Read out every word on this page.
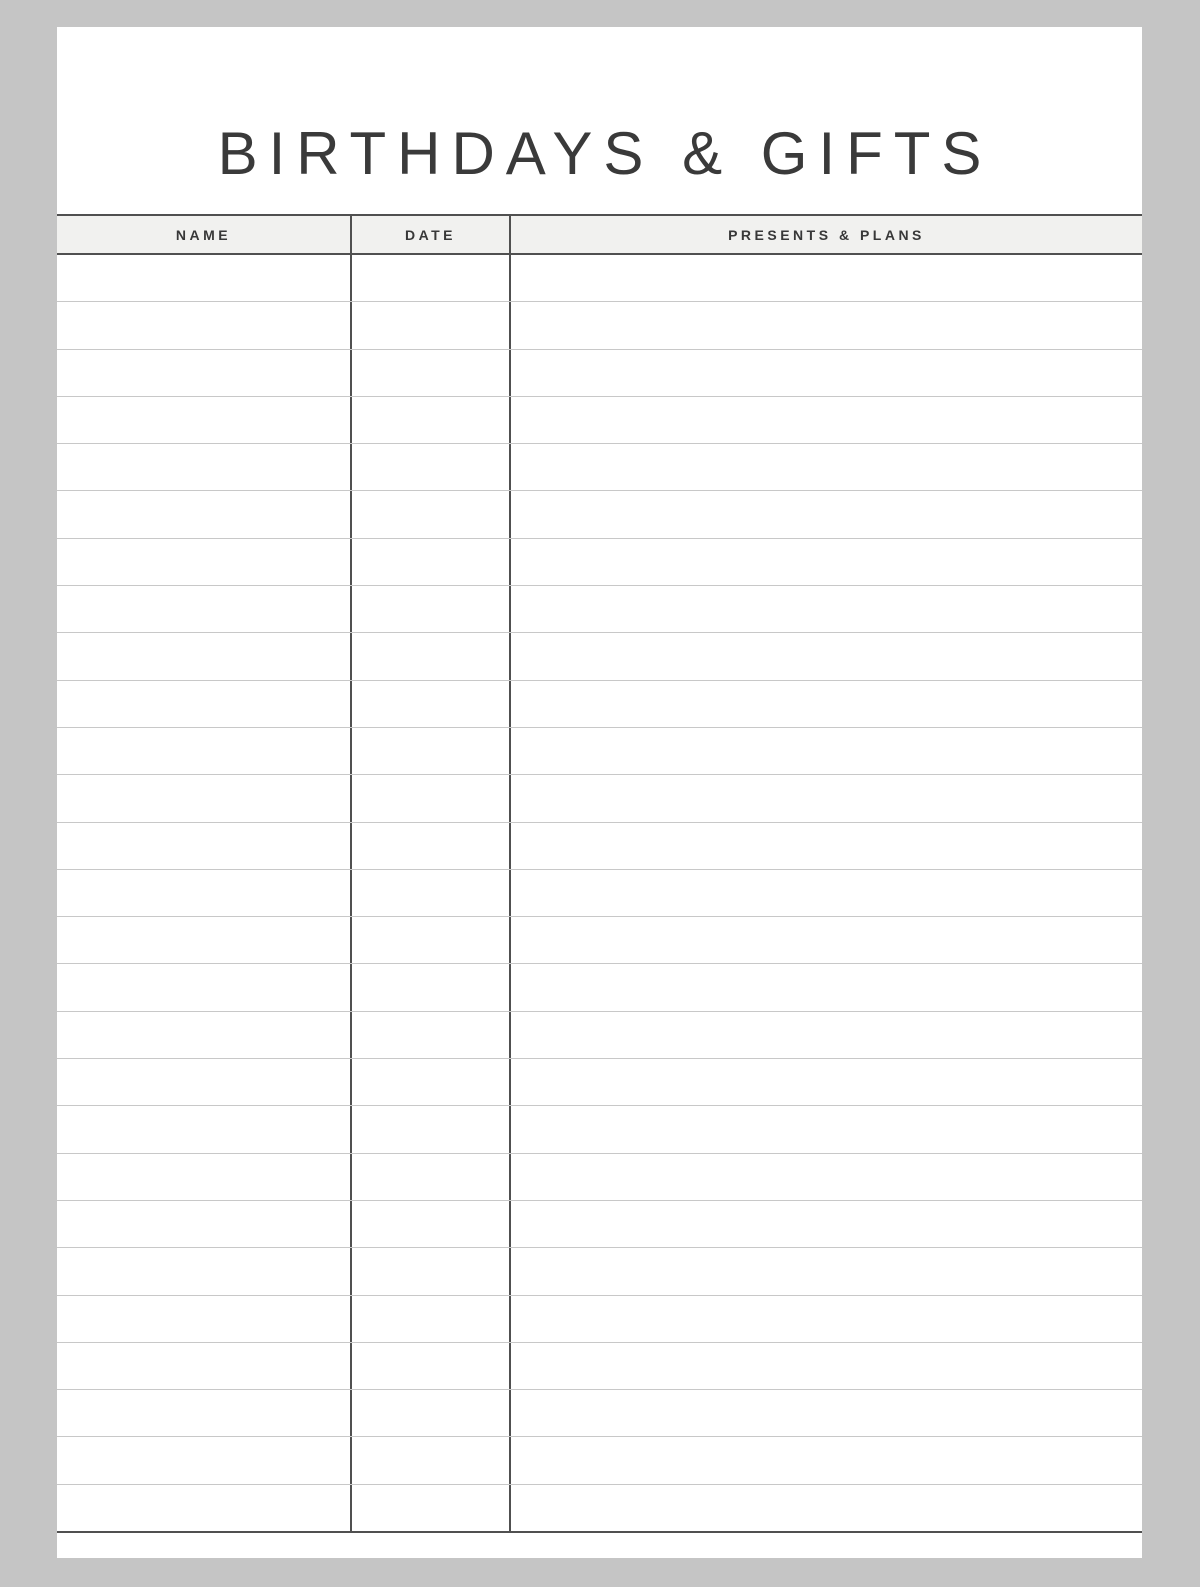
BIRTHDAYS & GIFTS
NAME	DATE	PRESENTS & PLANS
